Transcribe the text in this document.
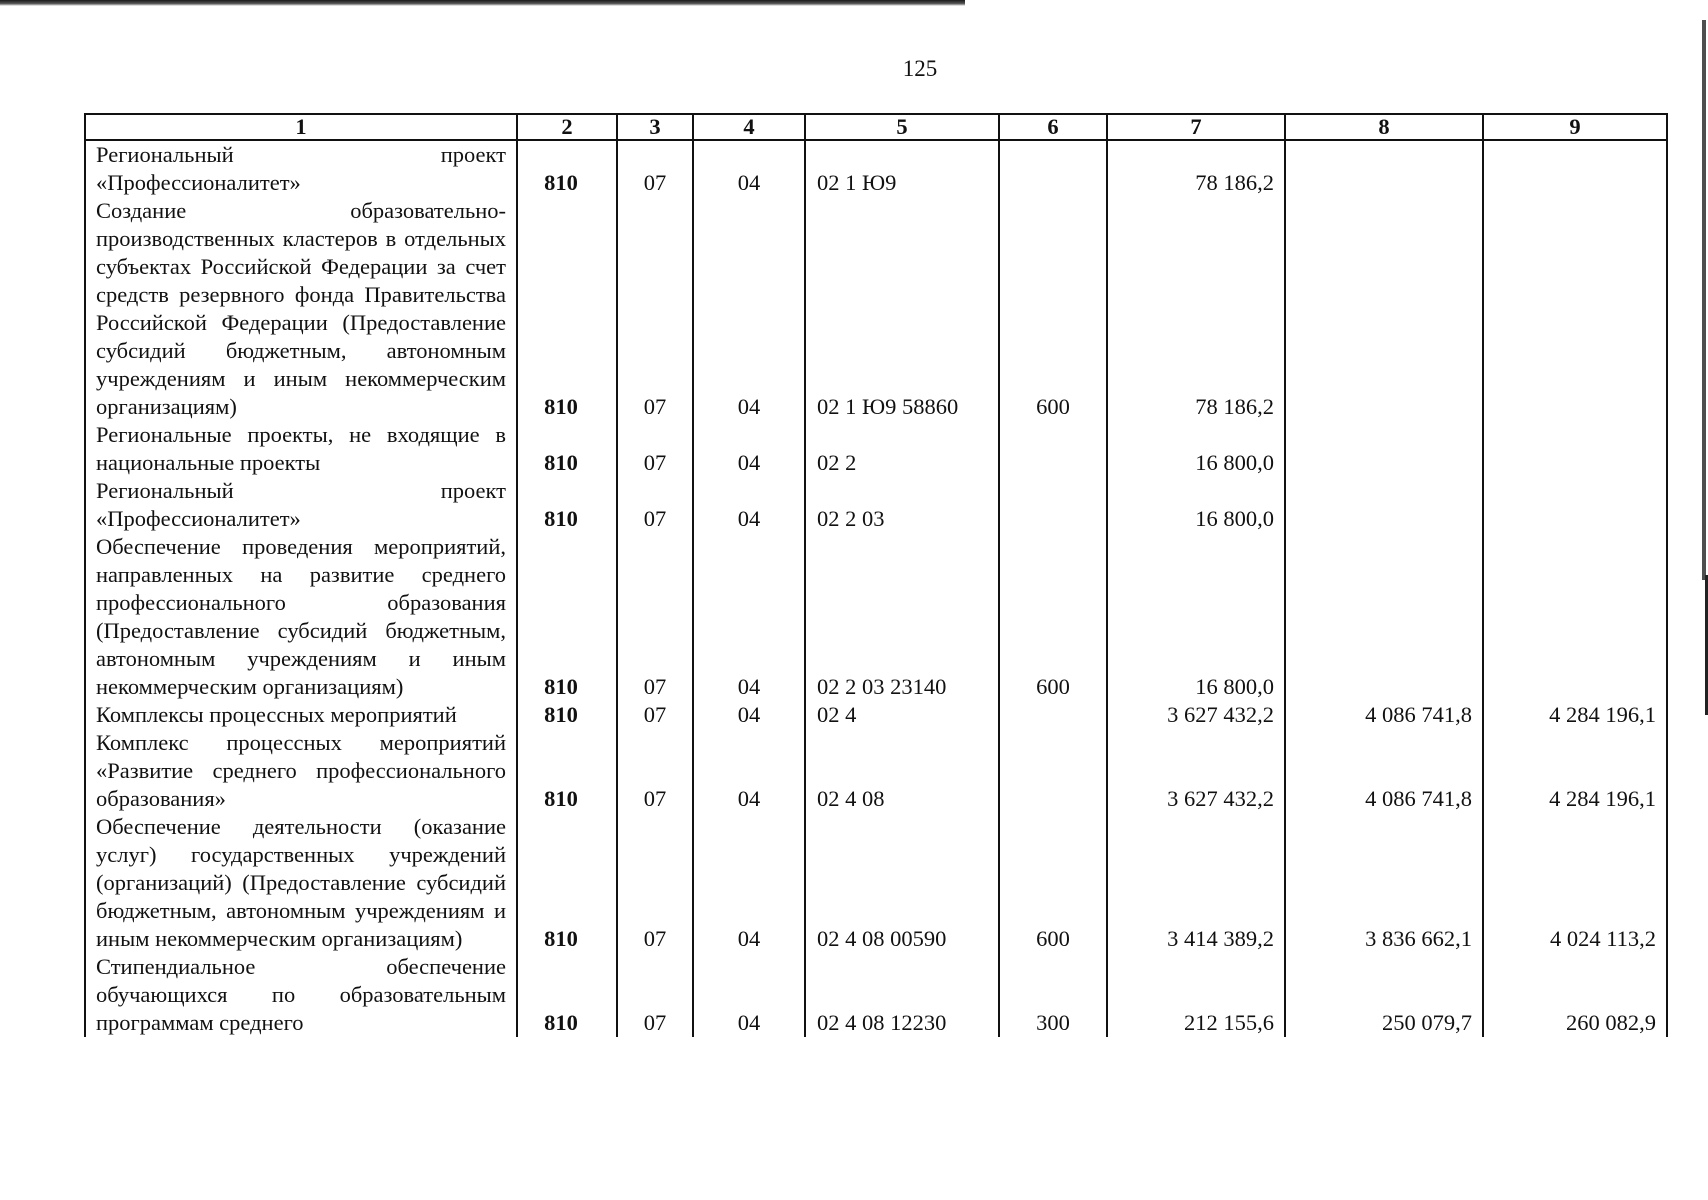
125
1	2	3	4	5	6	7	8	9
Региональный проект «Профессионалитет»	810	07	04	02 1 Ю9		78 186,2		
Создание образовательно-производственных кластеров в отдельных субъектах Российской Федерации за счет средств резервного фонда Правительства Российской Федерации (Предоставление субсидий бюджетным, автономным учреждениям и иным некоммерческим организациям)	810	07	04	02 1 Ю9 58860	600	78 186,2		
Региональные проекты, не входящие в национальные проекты	810	07	04	02 2		16 800,0		
Региональный проект «Профессионалитет»	810	07	04	02 2 03		16 800,0		
Обеспечение проведения мероприятий, направленных на развитие среднего профессионального образования (Предоставление субсидий бюджетным, автономным учреждениям и иным некоммерческим организациям)	810	07	04	02 2 03 23140	600	16 800,0		
Комплексы процессных мероприятий	810	07	04	02 4		3 627 432,2	4 086 741,8	4 284 196,1
Комплекс процессных мероприятий «Развитие среднего профессионального образования»	810	07	04	02 4 08		3 627 432,2	4 086 741,8	4 284 196,1
Обеспечение деятельности (оказание услуг) государственных учреждений (организаций) (Предоставление субсидий бюджетным, автономным учреждениям и иным некоммерческим организациям)	810	07	04	02 4 08 00590	600	3 414 389,2	3 836 662,1	4 024 113,2
Стипендиальное обеспечение обучающихся по образовательным программам среднего	810	07	04	02 4 08 12230	300	212 155,6	250 079,7	260 082,9
